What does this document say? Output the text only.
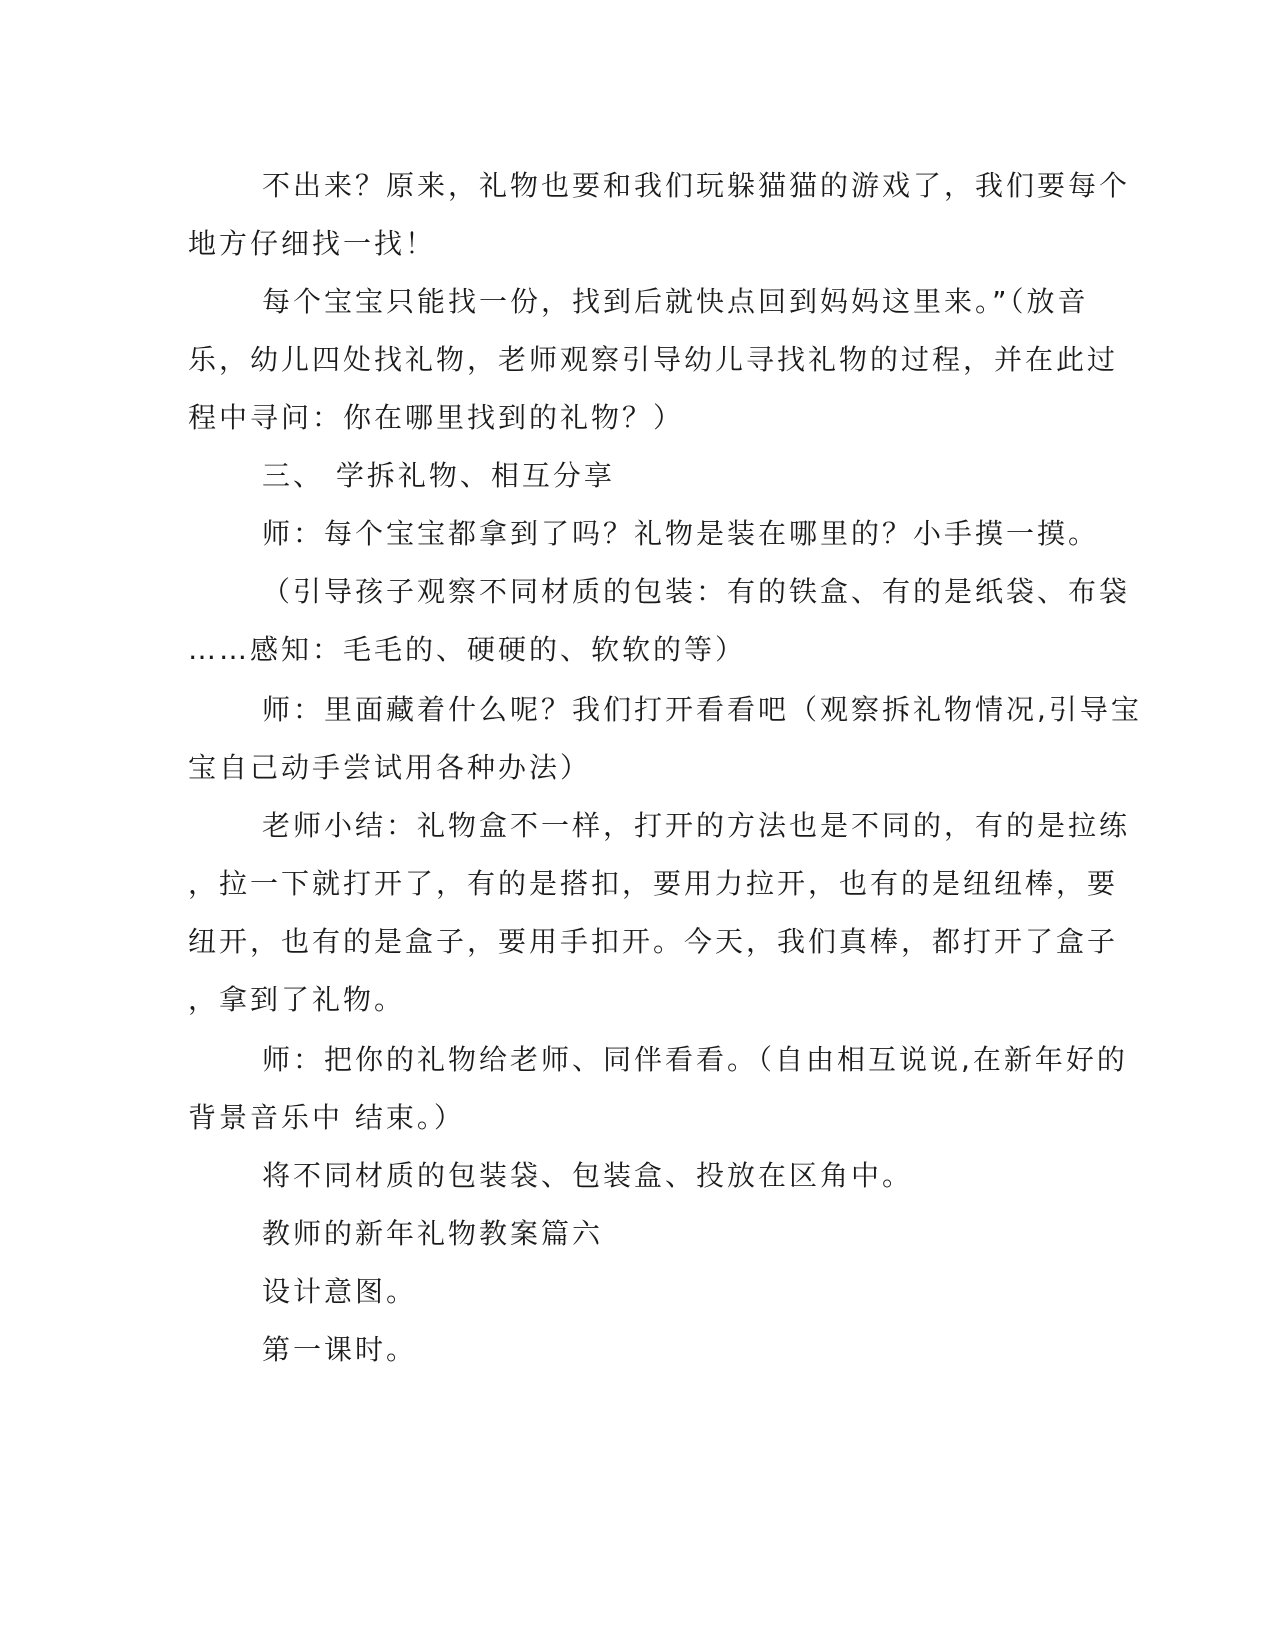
不出来？原来，礼物也要和我们玩躲猫猫的游戏了，我们要每个
地方仔细找一找！
每个宝宝只能找一份，找到后就快点回到妈妈这里来。”（放音
乐，幼儿四处找礼物，老师观察引导幼儿寻找礼物的过程，并在此过
程中寻问：你在哪里找到的礼物？）
三、 学拆礼物、相互分享
师：每个宝宝都拿到了吗？礼物是装在哪里的？小手摸一摸。
（引导孩子观察不同材质的包装：有的铁盒、有的是纸袋、布袋
……感知：毛毛的、硬硬的、软软的等）
师：里面藏着什么呢？我们打开看看吧（观察拆礼物情况,引导宝
宝自己动手尝试用各种办法）
老师小结：礼物盒不一样，打开的方法也是不同的，有的是拉练
，拉一下就打开了，有的是搭扣，要用力拉开，也有的是纽纽棒，要
纽开，也有的是盒子，要用手扣开。今天，我们真棒，都打开了盒子
，拿到了礼物。
师：把你的礼物给老师、同伴看看。（自由相互说说,在新年好的
背景音乐中 结束。）
将不同材质的包装袋、包装盒、投放在区角中。
教师的新年礼物教案篇六
设计意图。
第一课时。
